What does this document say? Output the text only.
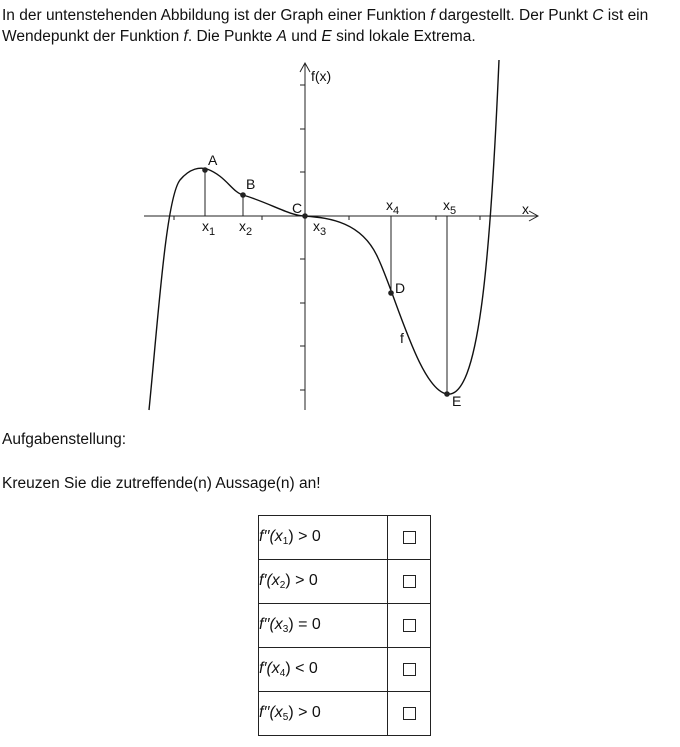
In der untenstehenden Abbildung ist der Graph einer Funktion f dargestellt. Der Punkt C ist ein Wendepunkt der Funktion f. Die Punkte A und E sind lokale Extrema.

f(x)
x
f
A
B
C
D
E
$x_1$ $x_2$	$x_3$
$x_4$	$x_5$
Aufgabenstellung:

Kreuzen Sie die zutreffende(n) Aussage(n) an!

$f''(x_1) > 0$	
$f'(x_2) > 0$	
$f''(x_3) = 0$	
$f'(x_4) < 0$	
$f''(x_5) > 0$	
